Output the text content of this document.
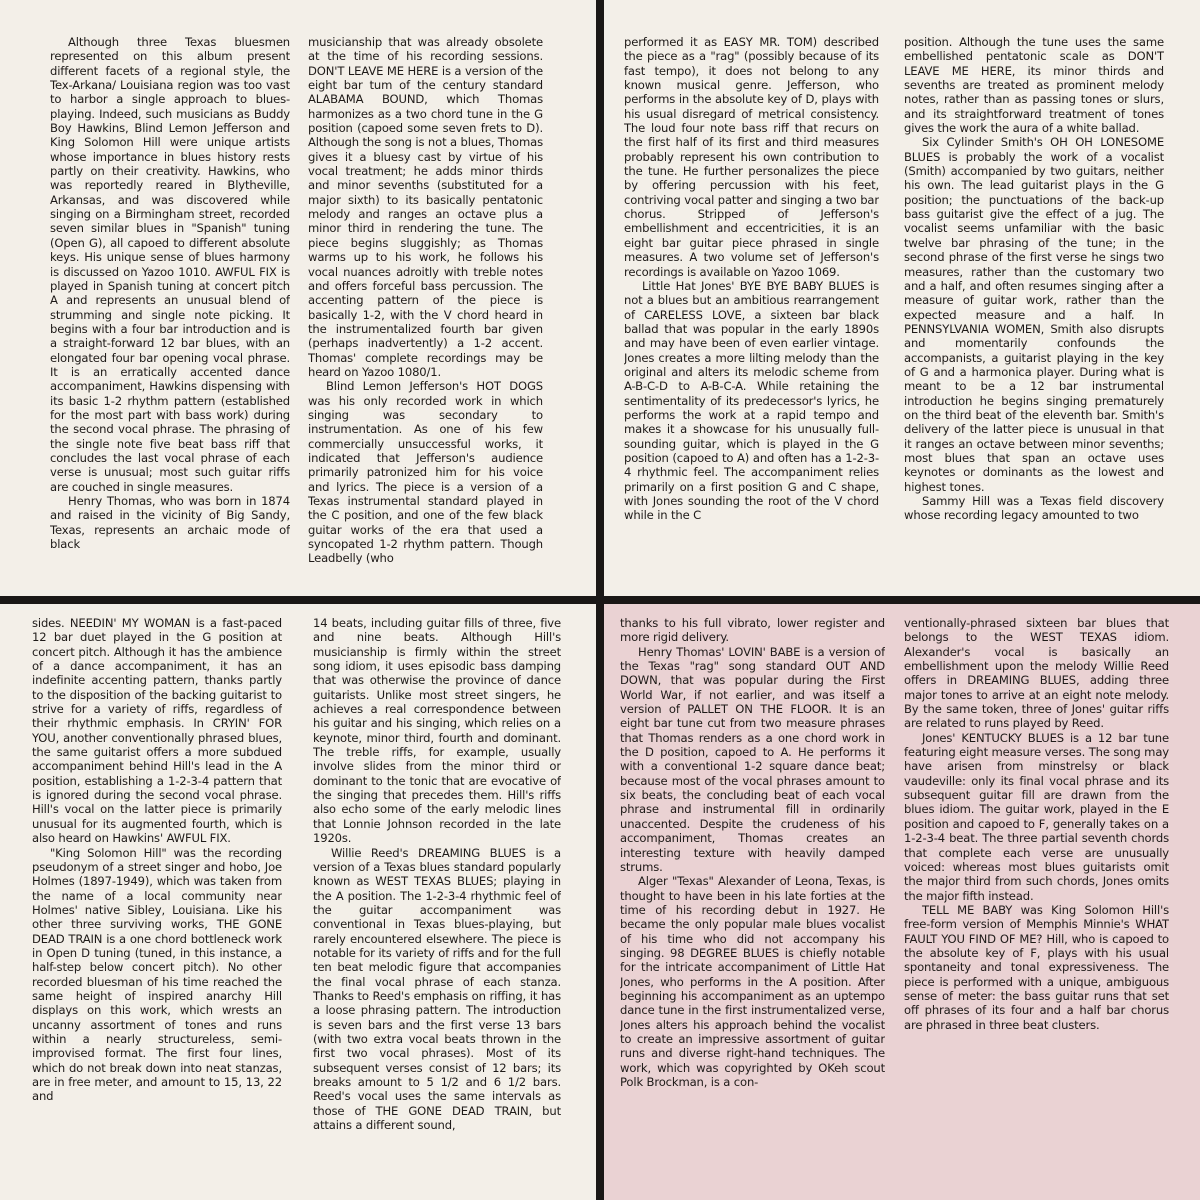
Although three Texas bluesmen represented on this album present different facets of a regional style, the Tex-Arkana/ Louisiana region was too vast to harbor a single approach to blues-playing. Indeed, such musicians as Buddy Boy Hawkins, Blind Lemon Jefferson and King Solomon Hill were unique artists whose importance in blues history rests partly on their creativity. Hawkins, who was reportedly reared in Blytheville, Arkansas, and was discovered while singing on a Birmingham street, recorded seven similar blues in "Spanish" tuning (Open G), all capoed to different absolute keys. His unique sense of blues harmony is discussed on Yazoo 1010. AWFUL FIX is played in Spanish tuning at concert pitch A and represents an unusual blend of strumming and single note picking. It begins with a four bar introduction and is a straight-forward 12 bar blues, with an elongated four bar opening vocal phrase. It is an erratically accented dance accompaniment, Hawkins dispensing with its basic 1-2 rhythm pattern (established for the most part with bass work) during the second vocal phrase. The phrasing of the single note five beat bass riff that concludes the last vocal phrase of each verse is unusual; most such guitar riffs are couched in single measures.

Henry Thomas, who was born in 1874 and raised in the vicinity of Big Sandy, Texas, represents an archaic mode of black

musicianship that was already obsolete at the time of his recording sessions. DON'T LEAVE ME HERE is a version of the eight bar tum of the century standard ALABAMA BOUND, which Thomas harmonizes as a two chord tune in the G position (capoed some seven frets to D). Although the song is not a blues, Thomas gives it a bluesy cast by virtue of his vocal treatment; he adds minor thirds and minor sevenths (substituted for a major sixth) to its basically pentatonic melody and ranges an octave plus a minor third in rendering the tune. The piece begins sluggishly; as Thomas warms up to his work, he follows his vocal nuances adroitly with treble notes and offers forceful bass percussion. The accenting pattern of the piece is basically 1-2, with the V chord heard in the instrumentalized fourth bar given (perhaps inadvertently) a 1-2 accent. Thomas' complete recordings may be heard on Yazoo 1080/1.

Blind Lemon Jefferson's HOT DOGS was his only recorded work in which singing was secondary to instrumentation. As one of his few commercially unsuccessful works, it indicated that Jefferson's audience primarily patronized him for his voice and lyrics. The piece is a version of a Texas instrumental standard played in the C position, and one of the few black guitar works of the era that used a syncopated 1-2 rhythm pattern. Though Leadbelly (who

performed it as EASY MR. TOM) described the piece as a "rag" (possibly because of its fast tempo), it does not belong to any known musical genre. Jefferson, who performs in the absolute key of D, plays with his usual disregard of metrical consistency. The loud four note bass riff that recurs on the first half of its first and third measures probably represent his own contribution to the tune. He further personalizes the piece by offering percussion with his feet, contriving vocal patter and singing a two bar chorus. Stripped of Jefferson's embellishment and eccentricities, it is an eight bar guitar piece phrased in single measures. A two volume set of Jefferson's recordings is available on Yazoo 1069.

Little Hat Jones' BYE BYE BABY BLUES is not a blues but an ambitious rearrangement of CARELESS LOVE, a sixteen bar black ballad that was popular in the early 1890s and may have been of even earlier vintage. Jones creates a more lilting melody than the original and alters its melodic scheme from A-B-C-D to A-B-C-A. While retaining the sentimentality of its predecessor's lyrics, he performs the work at a rapid tempo and makes it a showcase for his unusually full-sounding guitar, which is played in the G position (capoed to A) and often has a 1-2-3-4 rhythmic feel. The accompaniment relies primarily on a first position G and C shape, with Jones sounding the root of the V chord while in the C

position. Although the tune uses the same embellished pentatonic scale as DON'T LEAVE ME HERE, its minor thirds and sevenths are treated as prominent melody notes, rather than as passing tones or slurs, and its straightforward treatment of tones gives the work the aura of a white ballad.

Six Cylinder Smith's OH OH LONESOME BLUES is probably the work of a vocalist (Smith) accompanied by two guitars, neither his own. The lead guitarist plays in the G position; the punctuations of the back-up bass guitarist give the effect of a jug. The vocalist seems unfamiliar with the basic twelve bar phrasing of the tune; in the second phrase of the first verse he sings two measures, rather than the customary two and a half, and often resumes singing after a measure of guitar work, rather than the expected measure and a half. In PENNSYLVANIA WOMEN, Smith also disrupts and momentarily confounds the accompanists, a guitarist playing in the key of G and a harmonica player. During what is meant to be a 12 bar instrumental introduction he begins singing prematurely on the third beat of the eleventh bar. Smith's delivery of the latter piece is unusual in that it ranges an octave between minor sevenths; most blues that span an octave uses keynotes or dominants as the lowest and highest tones.

Sammy Hill was a Texas field discovery whose recording legacy amounted to two

sides. NEEDIN' MY WOMAN is a fast-paced 12 bar duet played in the G position at concert pitch. Although it has the ambience of a dance accompaniment, it has an indefinite accenting pattern, thanks partly to the disposition of the backing guitarist to strive for a variety of riffs, regardless of their rhythmic emphasis. In CRYIN' FOR YOU, another conventionally phrased blues, the same guitarist offers a more subdued accompaniment behind Hill's lead in the A position, establishing a 1-2-3-4 pattern that is ignored during the second vocal phrase. Hill's vocal on the latter piece is primarily unusual for its augmented fourth, which is also heard on Hawkins' AWFUL FIX.

"King Solomon Hill" was the recording pseudonym of a street singer and hobo, Joe Holmes (1897-1949), which was taken from the name of a local community near Holmes' native Sibley, Louisiana. Like his other three surviving works, THE GONE DEAD TRAIN is a one chord bottleneck work in Open D tuning (tuned, in this instance, a half-step below concert pitch). No other recorded bluesman of his time reached the same height of inspired anarchy Hill displays on this work, which wrests an uncanny assortment of tones and runs within a nearly structureless, semi-improvised format. The first four lines, which do not break down into neat stanzas, are in free meter, and amount to 15, 13, 22 and

14 beats, including guitar fills of three, five and nine beats. Although Hill's musicianship is firmly within the street song idiom, it uses episodic bass damping that was otherwise the province of dance guitarists. Unlike most street singers, he achieves a real correspondence between his guitar and his singing, which relies on a keynote, minor third, fourth and dominant. The treble riffs, for example, usually involve slides from the minor third or dominant to the tonic that are evocative of the singing that precedes them. Hill's riffs also echo some of the early melodic lines that Lonnie Johnson recorded in the late 1920s.

Willie Reed's DREAMING BLUES is a version of a Texas blues standard popularly known as WEST TEXAS BLUES; playing in the A position. The 1-2-3-4 rhythmic feel of the guitar accompaniment was conventional in Texas blues-playing, but rarely encountered elsewhere. The piece is notable for its variety of riffs and for the full ten beat melodic figure that accompanies the final vocal phrase of each stanza. Thanks to Reed's emphasis on riffing, it has a loose phrasing pattern. The introduction is seven bars and the first verse 13 bars (with two extra vocal beats thrown in the first two vocal phrases). Most of its subsequent verses consist of 12 bars; its breaks amount to 5 1/2 and 6 1/2 bars. Reed's vocal uses the same intervals as those of THE GONE DEAD TRAIN, but attains a different sound,

thanks to his full vibrato, lower register and more rigid delivery.

Henry Thomas' LOVIN' BABE is a version of the Texas "rag" song standard OUT AND DOWN, that was popular during the First World War, if not earlier, and was itself a version of PALLET ON THE FLOOR. It is an eight bar tune cut from two measure phrases that Thomas renders as a one chord work in the D position, capoed to A. He performs it with a conventional 1-2 square dance beat; because most of the vocal phrases amount to six beats, the concluding beat of each vocal phrase and instrumental fill in ordinarily unaccented. Despite the crudeness of his accompaniment, Thomas creates an interesting texture with heavily damped strums.

Alger "Texas" Alexander of Leona, Texas, is thought to have been in his late forties at the time of his recording debut in 1927. He became the only popular male blues vocalist of his time who did not accompany his singing. 98 DEGREE BLUES is chiefly notable for the intricate accompaniment of Little Hat Jones, who performs in the A position. After beginning his accompaniment as an uptempo dance tune in the first instrumentalized verse, Jones alters his approach behind the vocalist to create an impressive assortment of guitar runs and diverse right-hand techniques. The work, which was copyrighted by OKeh scout Polk Brockman, is a con-

ventionally-phrased sixteen bar blues that belongs to the WEST TEXAS idiom. Alexander's vocal is basically an embellishment upon the melody Willie Reed offers in DREAMING BLUES, adding three major tones to arrive at an eight note melody. By the same token, three of Jones' guitar riffs are related to runs played by Reed.

Jones' KENTUCKY BLUES is a 12 bar tune featuring eight measure verses. The song may have arisen from minstrelsy or black vaudeville: only its final vocal phrase and its subsequent guitar fill are drawn from the blues idiom. The guitar work, played in the E position and capoed to F, generally takes on a 1-2-3-4 beat. The three partial seventh chords that complete each verse are unusually voiced: whereas most blues guitarists omit the major third from such chords, Jones omits the major fifth instead.

TELL ME BABY was King Solomon Hill's free-form version of Memphis Minnie's WHAT FAULT YOU FIND OF ME? Hill, who is capoed to the absolute key of F, plays with his usual spontaneity and tonal expressiveness. The piece is performed with a unique, ambiguous sense of meter: the bass guitar runs that set off phrases of its four and a half bar chorus are phrased in three beat clusters.
